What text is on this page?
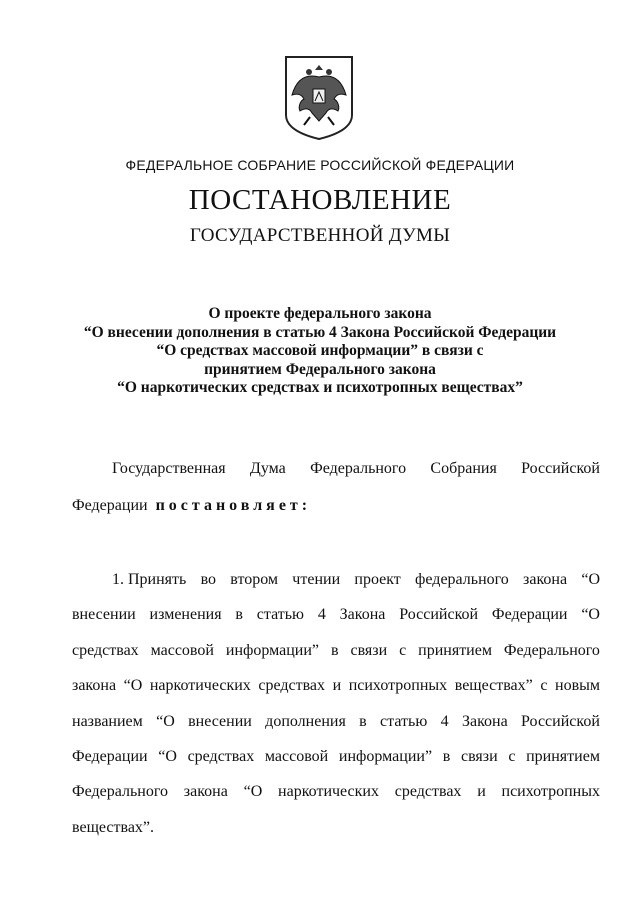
ФЕДЕРАЛЬНОЕ СОБРАНИЕ РОССИЙСКОЙ ФЕДЕРАЦИИ
ПОСТАНОВЛЕНИЕ
ГОСУДАРСТВЕННОЙ ДУМЫ
О проекте федерального закона
“О внесении дополнения в статью 4 Закона Российской Федерации
“О средствах массовой информации” в связи с
принятием Федерального закона
“О наркотических средствах и психотропных веществах”
Государственная Дума Федерального Собрания Российской
Федерации
постановляет:
1. Принять во втором чтении проект федерального закона “О
внесении изменения в статью 4 Закона Российской Федерации “О
средствах массовой информации” в связи с принятием Федерального
закона “О наркотических средствах и психотропных веществах” с новым
названием “О внесении дополнения в статью 4 Закона Российской
Федерации “О средствах массовой информации” в связи с принятием
Федерального закона “О наркотических средствах и психотропных
веществах”.
